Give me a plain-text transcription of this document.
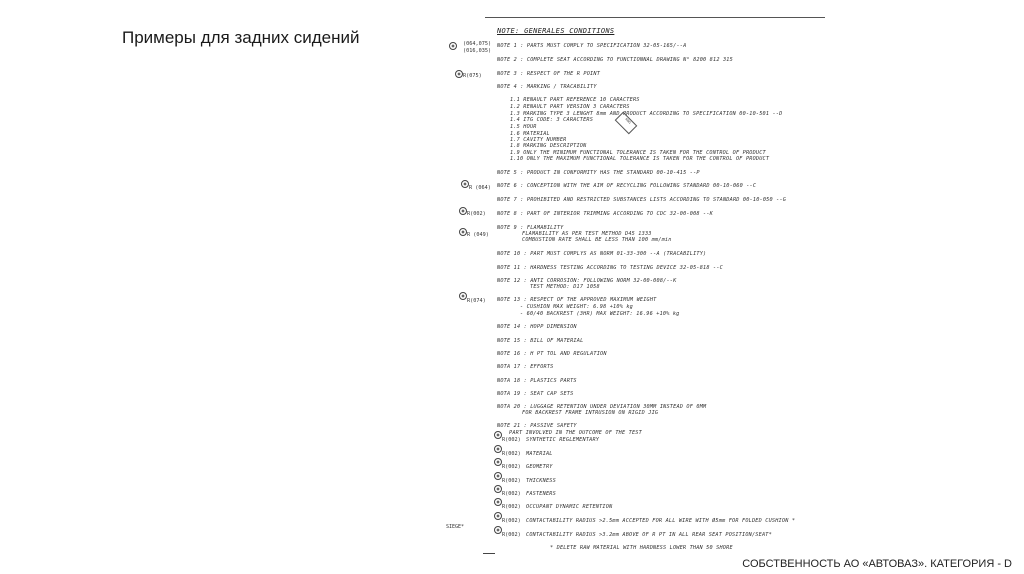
Примеры для задних сидений	NOTE: GENERALES CONDITIONS
NOTE 1 : PARTS MUST COMPLY TO SPECIFICATION 32-05-165/--A
NOTE 2 : COMPLETE SEAT ACCORDING TO FUNCTIONNAL DRAWING N° 8200 812 315
NOTE 3 : RESPECT OF THE R POINT
NOTE 4 : MARKING / TRACABILITY
1.1 RENAULT PART REFERENCE 10 CARACTERS
1.2 RENAULT PART VERSION 3 CARACTERS
1.3 MARKING TYPE 3 LENGHT 8mm AND PRODUCT ACCORDING TO SPECIFICATION 00-10-501 --D
1.4 ITG CODE: 3 CARACTERS
1.5 HOUR
1.6 MATERIAL
1.7 CAVITY NUMBER
1.8 MARKING DESCRIPTION
1.9 ONLY THE MINIMUM FUNCTIONAL TOLERANCE IS TAKEN FOR THE CONTROL OF PRODUCT
1.10 ONLY THE MAXIMUM FUNCTIONAL TOLERANCE IS TAKEN FOR THE CONTROL OF PRODUCT
NOTE 5 : PRODUCT IN CONFORMITY HAS THE STANDARD 00-10-415 --P
NOTE 6 : CONCEPTION WITH THE AIM OF RECYCLING FOLLOWING STANDARD 00-10-060 --C
NOTE 7 : PROHIBITED AND RESTRICTED SUBSTANCES LISTS ACCORDING TO STANDARD 00-10-050 --G
NOTE 8 : PART OF INTERIOR TRIMMING ACCORDING TO CDC 32-00-008 --K
NOTE 9 : FLAMABILITY
FLAMABILITY AS PER TEST METHOD D45 1333
COMBUSTION RATE SHALL BE LESS THAN 100 mm/min
NOTE 10 : PART MUST COMPLYS AS NORM 01-33-300 --A (TRACABILITY)
NOTE 11 : HARDNESS TESTING ACCORDING TO TESTING DEVICE 32-05-818 --C
NOTE 12 : ANTI CORROSION: FOLLOWING NORM 32-00-008/--K
TEST METHOD: D17 1058
NOTE 13 : RESPECT OF THE APPROVED MAXIMUM WEIGHT
- CUSHION MAX WEIGHT: 6.98 +10% kg
- 60/40 BACKREST (3HR) MAX WEIGHT: 16.96 +10% kg
NOTE 14 : HOPP DIMENSION
NOTE 15 : BILL OF MATERIAL
NOTE 16 : H PT TOL AND REGULATION
NOTA 17 : EFFORTS
NOTA 18 : PLASTICS PARTS
NOTA 19 : SEAT CAP SETS
NOTA 20 : LUGGAGE RETENTION UNDER DEVIATION 30MM INSTEAD OF 0MM
FOR BACKREST FRAME INTRUSION ON RIGID JIG
NOTE 21 : PASSIVE SAFETY
PART INVOLVED IN THE OUTCOME OF THE TEST
SYNTHETIC REGLEMENTARY
MATERIAL
GEOMETRY
THICKNESS
FASTENERS
OCCUPANT DYNAMIC RETENTION
CONTACTABILITY RADIUS >2.5mm ACCEPTED FOR ALL WIRE WITH Ø5mm FOR FOLDED CUSHION *
CONTACTABILITY RADIUS >3.2mm ABOVE OF R PT IN ALL REAR SEAT POSITION/SEAT*
* DELETE RAW MATERIAL WITH HARDNESS LOWER THAN 50 SHORE
(064,075)
(016,035)
R(075)
R (064)
R(002)
R (049)
R(074)
R(002)
R(002)
R(002)
R(002)
R(002)
R(002)
R(002)
R(002)
SIEGE*
RNG
СОБСТВЕННОСТЬ АО «АВТОВАЗ». КАТЕГОРИЯ - D
